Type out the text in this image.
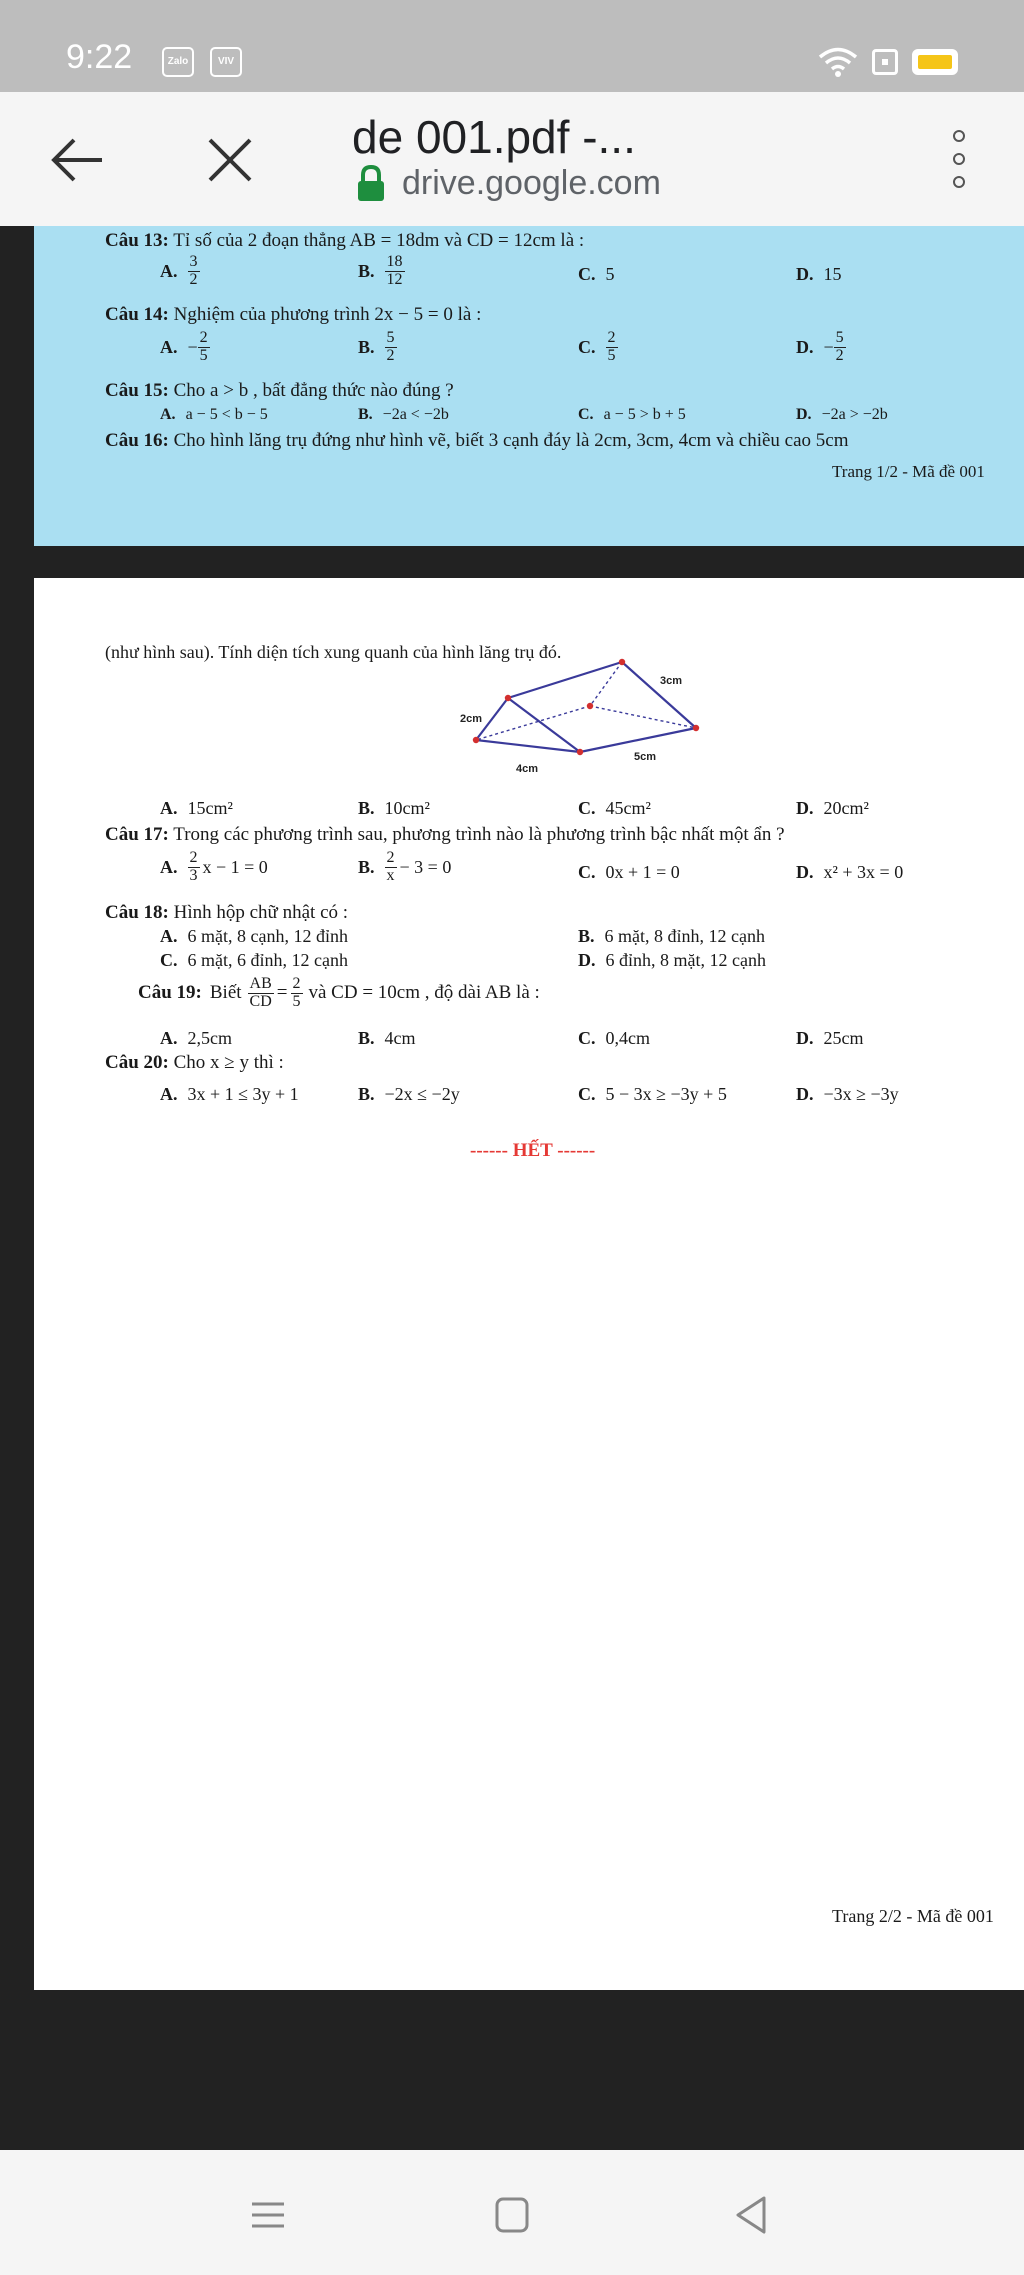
9:22	Zalo	VIV
de 001.pdf -...
drive.google.com
Câu 13: Tỉ số của 2 đoạn thẳng AB = 18dm và CD = 12cm là :
A. $\frac{3}{2}$	B. $\frac{18}{12}$	C. 5	D. 15
Câu 14: Nghiệm của phương trình 2x − 5 = 0 là :
A. − $\frac{2}{5}$	B. $\frac{5}{2}$	C. $\frac{2}{5}$	D. − $\frac{5}{2}$
Câu 15: Cho a > b , bất đẳng thức nào đúng ?
A. a − 5 < b − 5	B. −2a < −2b	C. a − 5 > b + 5	D. −2a > −2b
Câu 16: Cho hình lăng trụ đứng như hình vẽ, biết 3 cạnh đáy là 2cm, 3cm, 4cm và chiều cao 5cm
Trang 1/2 - Mã đề 001
(như hình sau). Tính diện tích xung quanh của hình lăng trụ đó.
3cm
2cm
5cm
4cm
A. 15cm²	B. 10cm²	C. 45cm²	D. 20cm²
Câu 17: Trong các phương trình sau, phương trình nào là phương trình bậc nhất một ẩn ?
A. $\frac{2}{3}$ x − 1 = 0	B. $\frac{2}{x} - 3 = 0$	C. 0x + 1 = 0	D. x² + 3x = 0
Câu 18: Hình hộp chữ nhật có :
A. 6 mặt, 8 cạnh, 12 đỉnh	B. 6 mặt, 8 đỉnh, 12 cạnh
C. 6 mặt, 6 đỉnh, 12 cạnh	D. 6 đỉnh, 8 mặt, 12 cạnh
Câu 19: Biết $\frac{AB}{CD} = \frac{2}{5}$ và CD = 10cm , độ dài AB là :
A. 2,5cm	B. 4cm	C. 0,4cm	D. 25cm
Câu 20: Cho x ≥ y thì :
A. 3x + 1 ≤ 3y + 1	B. −2x ≤ −2y	C. 5 − 3x ≥ −3y + 5	D. −3x ≥ −3y
------ HẾT ------
Trang 2/2 - Mã đề 001
